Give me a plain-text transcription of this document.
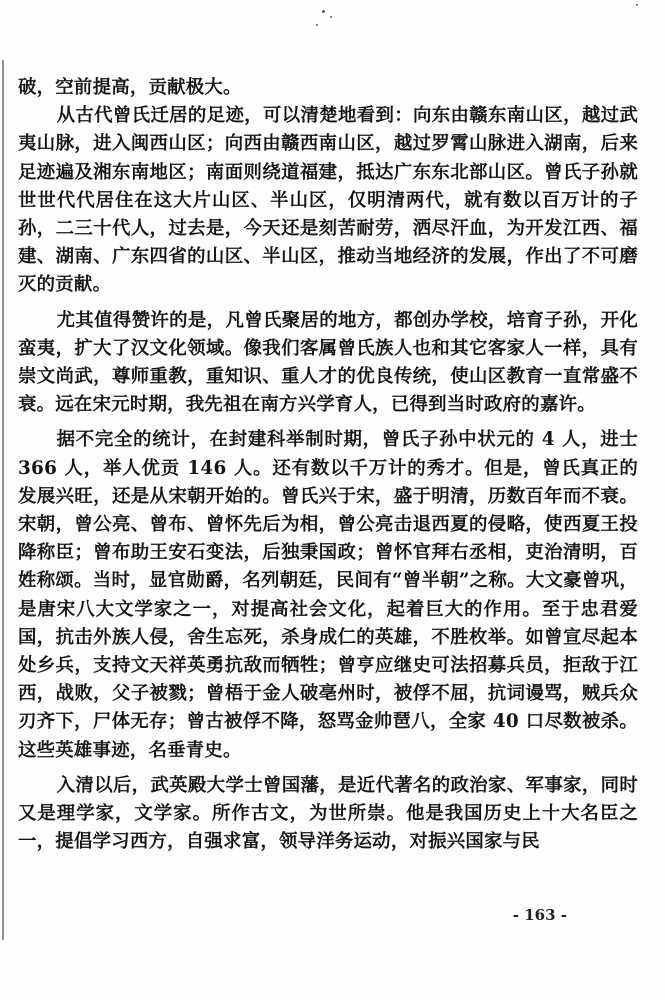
破，空前提高，贡献极大。

从古代曾氏迁居的足迹，可以清楚地看到：向东由赣东南山区，越过武夷山脉，进入闽西山区；向西由赣西南山区，越过罗霄山脉进入湖南，后来足迹遍及湘东南地区；南面则绕道福建，抵达广东东北部山区。曾氏子孙就世世代代居住在这大片山区、半山区，仅明清两代，就有数以百万计的子孙，二三十代人，过去是，今天还是刻苦耐劳，洒尽汗血，为开发江西、福建、湖南、广东四省的山区、半山区，推动当地经济的发展，作出了不可磨灭的贡献。

尤其值得赞许的是，凡曾氏聚居的地方，都创办学校，培育子孙，开化蛮夷，扩大了汉文化领域。像我们客属曾氏族人也和其它客家人一样，具有崇文尚武，尊师重教，重知识、重人才的优良传统，使山区教育一直常盛不衰。远在宋元时期，我先祖在南方兴学育人，已得到当时政府的嘉许。

据不完全的统计，在封建科举制时期，曾氏子孙中状元的 4 人，进士 366 人，举人优贡 146 人。还有数以千万计的秀才。但是，曾氏真正的发展兴旺，还是从宋朝开始的。曾氏兴于宋，盛于明清，历数百年而不衰。宋朝，曾公亮、曾布、曾怀先后为相，曾公亮击退西夏的侵略，使西夏王投降称臣；曾布助王安石变法，后独秉国政；曾怀官拜右丞相，吏治清明，百姓称颂。当时，显官勋爵，名列朝廷，民间有“曾半朝”之称。大文豪曾巩，是唐宋八大文学家之一，对提高社会文化，起着巨大的作用。至于忠君爱国，抗击外族人侵，舍生忘死，杀身成仁的英雄，不胜枚举。如曾宣尽起本处乡兵，支持文天祥英勇抗敌而牺牲；曾亨应继史可法招募兵员，拒敌于江西，战败，父子被戮；曾梧于金人破亳州时，被俘不屈，抗词谩骂，贼兵众刃齐下，尸体无存；曾古被俘不降，怒骂金帅琶八，全家 40 口尽数被杀。这些英雄事迹，名垂青史。

入清以后，武英殿大学士曾国藩，是近代著名的政治家、军事家，同时又是理学家，文学家。所作古文，为世所崇。他是我国历史上十大名臣之一，提倡学习西方，自强求富，领导洋务运动，对振兴国家与民

- 163 -
